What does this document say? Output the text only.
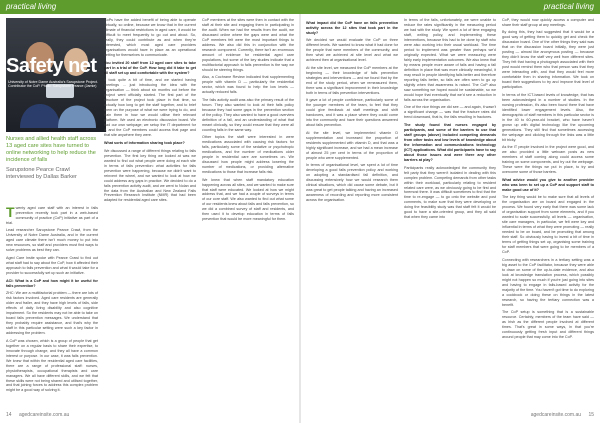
practical living	practical living
Safety net
University of Notre Dame Australia's Sarupstone Project. Contributor the CoP. Photo: Sarupstone Pearce (Jamie)
Nurses and allied health staff across 13 aged care sites have turned to online networking to help reduce the incidence of falls
Sarupstone Pearce Crawl interviewed by Dallas Barker

Twenty aged care staff with an interest in falls prevention recently took part in a web-based community of practice (CoP) initiative as part of a trial.

Lead researcher Sarupstone Pearce Crawl, from the University of Notre Dame Australia, and in the current aged care climate there isn't much money to put into new resources, so staff and providers must find ways to solve problems as best they can.

Aged Care Insite spoke with Pearce Crawl to find out what staff had to say about the CoP, how it affected their approach to falls prevention and what it would take for a provider to successfully set up such an initiative.

ACI: What is a CoP and how might it be useful for falls prevention?

ZHC: We are a multifactorial problem — there are lots of risk factors involved. Aged care residents are generally older and frailer, and they have high levels of falls, side effects of daily living disability and also cognitive impairment. So the residents may not be able to take on board falls prevention messages. We understand that they probably require assistance, and that's why the staff in this particular setting were such a key factor in addressing the problem.

A CoP was chosen, which is a group of people that get together on a regular basis to share their expertise, to innovate through change, and they all have a common interest or purpose. In our case, it was falls prevention. We knew that within the residential aged care facilities, there are a range of professional staff: nurses, physiotherapists, occupational therapists and care managers. We all have different skills, and we felt that these skills were not being shared and utilised together, and that joining forces to address this complex problem might be a good way of solving it.

CoPs have the added benefit of being able to operate virtually, so online, because we know that in the current climate of financial restrictions in aged care, it would be difficult to meet frequently to go out and about. So, really, they could contribute as and when they're interested, which most aged care providers organisations would have in place as an operational setting for themselves to communicate.

You invited 20 staff from 12 aged care sites to take part in a trial of the CoP. How long did it take to get all staff set up and comfortable with the system?

It took quite a bit of time, and we started having meetings ... just introducing the idea with the organisation — think about six months out before the project went officially started. The first part of the structure of the project took place in that time, so actually how long to get the staff together, and to brief them on the purpose of what we were trying to do, and train them in how we would utilise their relevant platform. We used an electronic discussion board. We had our own webpage; we setup the IT department for it, and the CoP members could access that page and that site anywhere they were.

What sorts of information sharing took place?

We discussed a range of different things relating to falls prevention. The first key thing we looked at was we wanted to find out what people were doing at each site in terms of falls prevention: what activities for falls prevention were happening, because we didn't want to reinvent the wheel, and we wanted to look at how we could address any gaps in practice. We decided to do a falls prevention activity audit, and we went to Nolan and the data from the Australian and New Zealand Falls Prevention Research Institute (NMR) that had been adapted for residential aged care sites.

CoP members at the sites were then in contact with the staff at their site and engaging them in participating in the audit. When we had the results from the audit, we discussed online where the gaps were and what the CoP members felt were the most important things to address. We also did this in conjunction with the research component. Currently, there isn't an enormous amount of evidence for residential aged care populations, but some of the key studies indicate that a multifactorial approach to falls prevention is the way we should be steering things.

Also, a Cochrane Review indicated that supplementing people with vitamin D — particularly the residential sector, which was found to help the low levels — actually reduced falls.

The falls activity audit was also the primary result of the forum. They also wanted to look at their falls policy because they had some gaps in the prevention section of the policy. They also wanted to have a good overview definition of a fall, and an understanding of what that meant clinically, so they could ensure that they were all counting falls in the same way.

Other topics the staff were interested in were medications associated with causing risk factors for falls, particularly some of the sedative or psychotropic medications, and the number of medications older people in residential care are sometimes on. We discussed how people might address lowering the number of medications, or providing alternative medications to those that increase falls risk.

We knew that when staff mandatory education happening across all sites, and we wanted to make sure that staff were educated. We looked at how we might address that, and we had a couple of surveys in terms of our core staff. We also wanted to find out what some of our residents knew about falls and falls prevention, so we did a combined survey of staff and residents, and then used it to develop education in terms of falls prevention that would be more meaningful for them.

What impact did the CoP have on falls prevention activity across the 12 sites that took part in the study?

We decided we would evaluate the CoP on three different levels. We wanted to know what it had done for the people that were members of the community, and then what we achieved at site level and what we achieved then at organisational level.

At the site level, we measured the CoP members at the beginning — their knowledge of falls prevention strategies and interventions — and we found that by the end of the study period, when we remeasured them, there was a significant improvement in their knowledge both in terms of falls prevention interventions.

It gave a lot of people confidence, particularly some of the younger members of the team, to feel that they could give feedback at staff meetings and shift handovers, and it was a place where they could come into the community and have their questions answered about falls prevention.

At the site level, we implemented vitamin D supplementation and increased the proportion of residents supplemented with vitamin D, and that was a highly significant increase, and we had a mean increase of almost 25 per cent in terms of the proportion of people who were supplemented.

In terms of organisational level, we spent a lot of time developing a good falls prevention policy and working on adopting a standardised fall definition, and discussing extensively how we would research them clinical situations, which did cause some debate, but it was great to get people talking and having an increased awareness of recording and reporting more consistent across the organisation.

In terms of the falls, unfortunately, we were unable to reduce the rates significantly in the measuring period we had with the study. We spent a lot of time engaging staff, writing policy, and implementing these interventions, because this had to be done by staff who were also working into their usual workload. The time period to implement was greater than perhaps we'd originally expected. What we were measuring were fairly early implementation outcomes. We also knew that by means people more aware of falls and having a fall definition in place that was more clinically meaningful, it may result in people identifying falls better and therefore reporting falls better, so falls are often seen to go up slightly when that awareness is raised. The CoP also saw something we hoped would be sustainable, so we would hope that eventually that we'd see a reduction in falls across the organisation.

One of the nice things we did see — and again, it wasn't a significant change — was that the fracture rates did trend downward, that is, the falls resulting in fractures.

The study found that nurses engaged by participants, and some of the barriers to use that staff groups (above) included competing demands from other tasks and low levels of knowledge about the information and communications technology (ICT) applications. What did participants have to say about those issues and were there any other barriers at play?

Participants really acknowledged the community they felt party that they weren't isolated in dealing with this complex problem. Competing demands from other tasks within their workload, particularly relating to resident related care were, as we obviously going to be first and foremost there. It was difficult sometimes to find that the time to re-engage — to go onto the website and post comments, to make sure that they were developing or doing the feasibility study was that staff felt it would be good to have a site-oriented group, and they all said that when they came into

CoP, they would now quickly access a computer and share their staff group at any meetings.

By doing this, they had suggested that it would be a good way of getting them to quickly get and check the discussion board. One of the other things they said was that on the discussion board initially, they were just posting — almost like anonymous posting — because they didn't know the staff very well from different sites. They felt that having a photograph associated with their post would remind them who that person was that they were interacting with, and that they would feel more comfortable then in sharing information. We took on board their suggestions to try and improve that level of participation.

In terms of the ICT-based levels of knowledge, that has been acknowledged in a number of studies. In the nursing profession, it's also been found there that have identified lower engagement levels. Also, the demographic of staff members in this particular sector is in the 40 to 60-year-old bracket, who have haven't grown up with digital technology like the upcoming generations. They still find that sometimes accessing the webpage and clicking through the links was a little bit tricky.

As the IT people involved in the project were good, and we also provided a little webcam posts as new members of staff coming along could access some training on some components, and try out the webpage. These were the things we put in place, to try and overcome some of those barriers.

What advice would you give to another provider who was keen to set up a CoP and support staff to make good use of it?

The key thing would be to make sure that all levels of the organisation are on board and engaged in the process. We found very early that there was some lack of organisation support from some elements, and if you wanted to scale successfully, all levels — organisation, site care managers, in particular, we felt were key and influential in terms of what they were promoting — really needed to be on board, and be promoting that among their staff. So obviously having to invest a bit of time in terms of getting things set up, organising some training for staff members that were going to be members of a CoP.

Connecting with researchers in a tertiary setting was a big asset to the CoP facilitator, because they were able to draw on some of the up-to-date evidence, and also look at knowledge translation process, which possibly might not happen so much if you're just going into sites and having to engage in falls-based activity for the majority of the time. You haven't got time to do exploring a cookbook or doing these on things in the latest research, so having the tertiary connection was a benefit.

The CoP setup is something that is a sustainable resource. Certainly, members of the team have said — as Irish as the different people involved at different times. That's great in some ways, in that you're continuously getting fresh input and different things around people that may come into the CoP.

14 agedcareinsite.com.au	agedcareinsite.com.au 15
